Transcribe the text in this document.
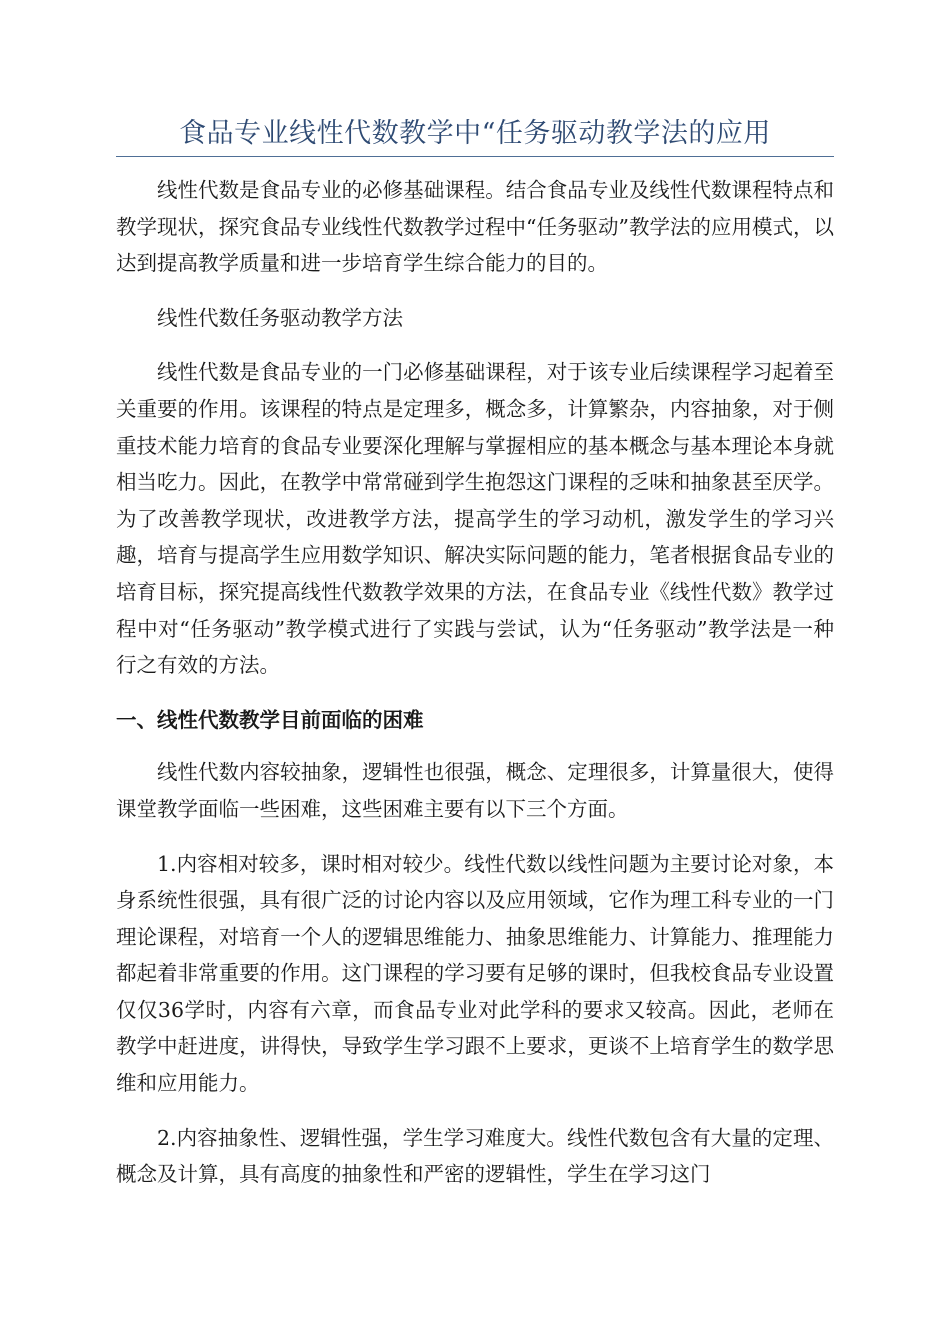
食品专业线性代数教学中“任务驱动教学法的应用

线性代数是食品专业的必修基础课程。结合食品专业及线性代数课程特点和教学现状，探究食品专业线性代数教学过程中“任务驱动”教学法的应用模式，以达到提高教学质量和进一步培育学生综合能力的目的。

线性代数任务驱动教学方法

线性代数是食品专业的一门必修基础课程，对于该专业后续课程学习起着至关重要的作用。该课程的特点是定理多，概念多，计算繁杂，内容抽象，对于侧重技术能力培育的食品专业要深化理解与掌握相应的基本概念与基本理论本身就相当吃力。因此，在教学中常常碰到学生抱怨这门课程的乏味和抽象甚至厌学。为了改善教学现状，改进教学方法，提高学生的学习动机，激发学生的学习兴趣，培育与提高学生应用数学知识、解决实际问题的能力，笔者根据食品专业的培育目标，探究提高线性代数教学效果的方法，在食品专业《线性代数》教学过程中对“任务驱动”教学模式进行了实践与尝试，认为“任务驱动”教学法是一种行之有效的方法。

一、线性代数教学目前面临的困难

线性代数内容较抽象，逻辑性也很强，概念、定理很多，计算量很大，使得课堂教学面临一些困难，这些困难主要有以下三个方面。

1.内容相对较多，课时相对较少。线性代数以线性问题为主要讨论对象，本身系统性很强，具有很广泛的讨论内容以及应用领域，它作为理工科专业的一门理论课程，对培育一个人的逻辑思维能力、抽象思维能力、计算能力、推理能力都起着非常重要的作用。这门课程的学习要有足够的课时，但我校食品专业设置仅仅36学时，内容有六章，而食品专业对此学科的要求又较高。因此，老师在教学中赶进度，讲得快，导致学生学习跟不上要求，更谈不上培育学生的数学思维和应用能力。

2.内容抽象性、逻辑性强，学生学习难度大。线性代数包含有大量的定理、概念及计算，具有高度的抽象性和严密的逻辑性，学生在学习这门
